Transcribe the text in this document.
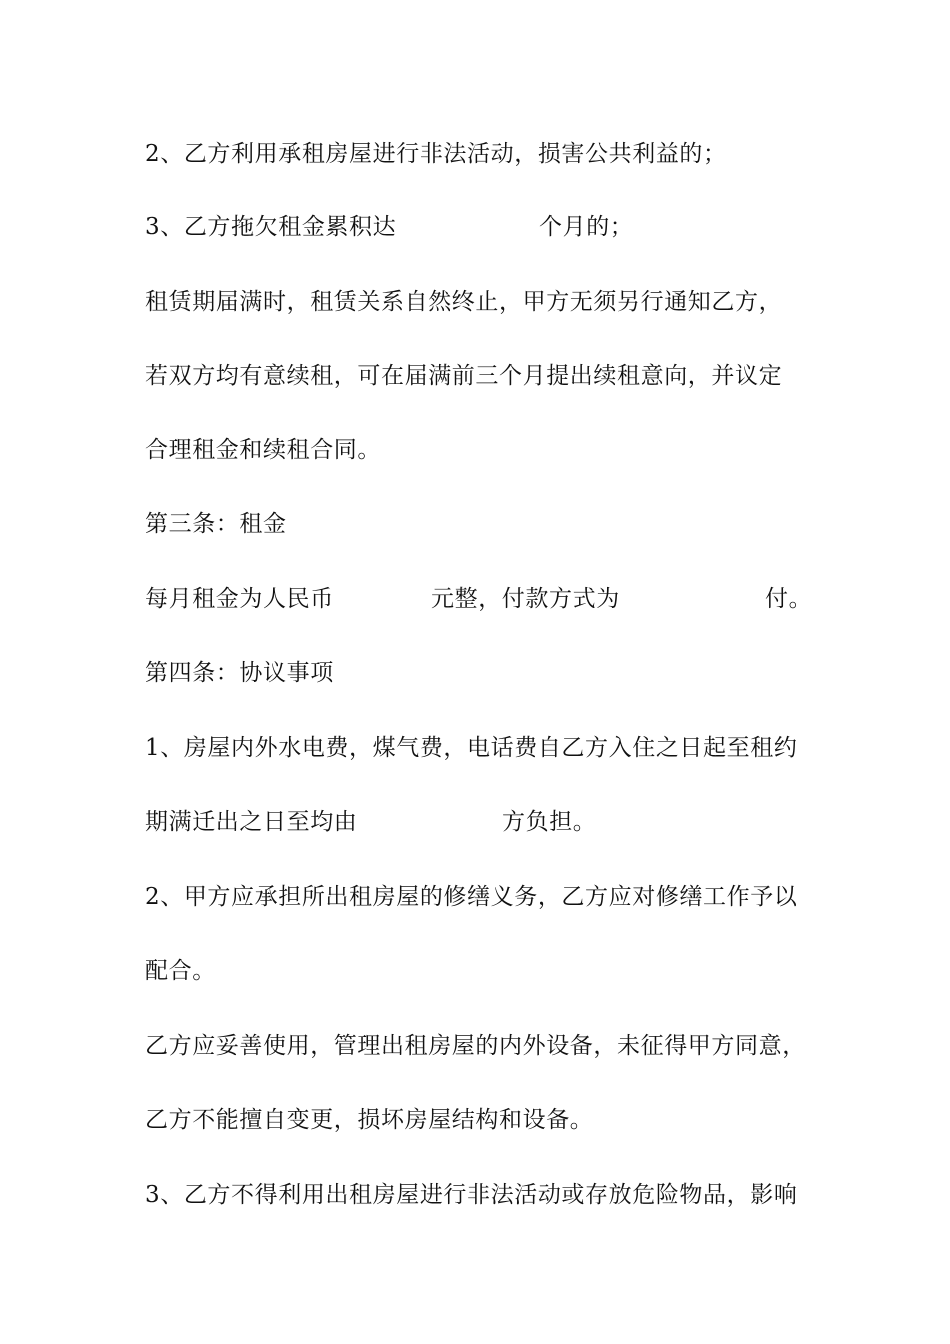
2、乙方利用承租房屋进行非法活动，损害公共利益的；

3、乙方拖欠租金累积达

	个月的；

租赁期届满时，租赁关系自然终止，甲方无须另行通知乙方，
若双方均有意续租，可在届满前三个月提出续租意向，并议定
合理租金和续租合同。
第三条：租金

每月租金为人民币

	元整，付款方式为

	付。

第四条：协议事项
1、房屋内外水电费，煤气费，电话费自乙方入住之日起至租约

期满迁出之日至均由

	方负担。

2、甲方应承担所出租房屋的修缮义务，乙方应对修缮工作予以
配合。
乙方应妥善使用，管理出租房屋的内外设备，未征得甲方同意，
乙方不能擅自变更，损坏房屋结构和设备。
3、乙方不得利用出租房屋进行非法活动或存放危险物品，影响
